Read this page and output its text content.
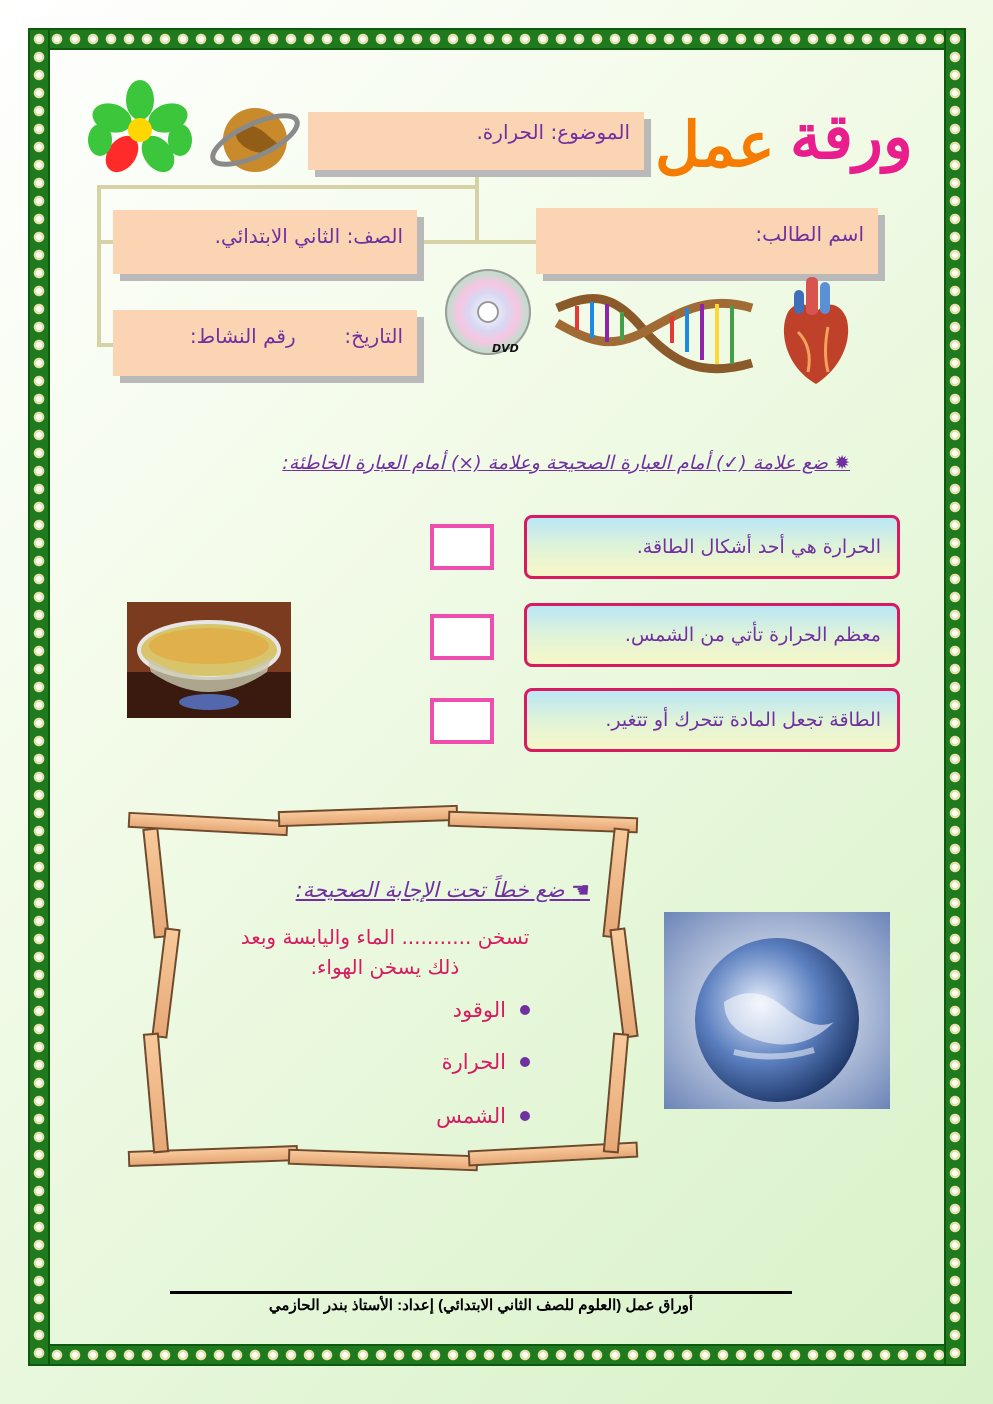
ورقة
عمل
الموضوع: الحرارة.
اسم الطالب:
الصف: الثاني الابتدائي.
التاريخ:  رقم النشاط:
DVD
✹ ضع علامة (✓) أمام العبارة الصحيحة وعلامة (×) أمام العبارة الخاطئة:
الحرارة هي أحد أشكال الطاقة.
معظم الحرارة تأتي من الشمس.
الطاقة تجعل المادة تتحرك أو تتغير.
☚ ضع خطاً تحت الإجابة الصحيحة:
تسخن ........... الماء واليابسة وبعد
ذلك يسخن الهواء.
الوقود
الحرارة
الشمس
أوراق عمل (العلوم للصف الثاني الابتدائي) إعداد: الأستاذ بندر الحازمي
